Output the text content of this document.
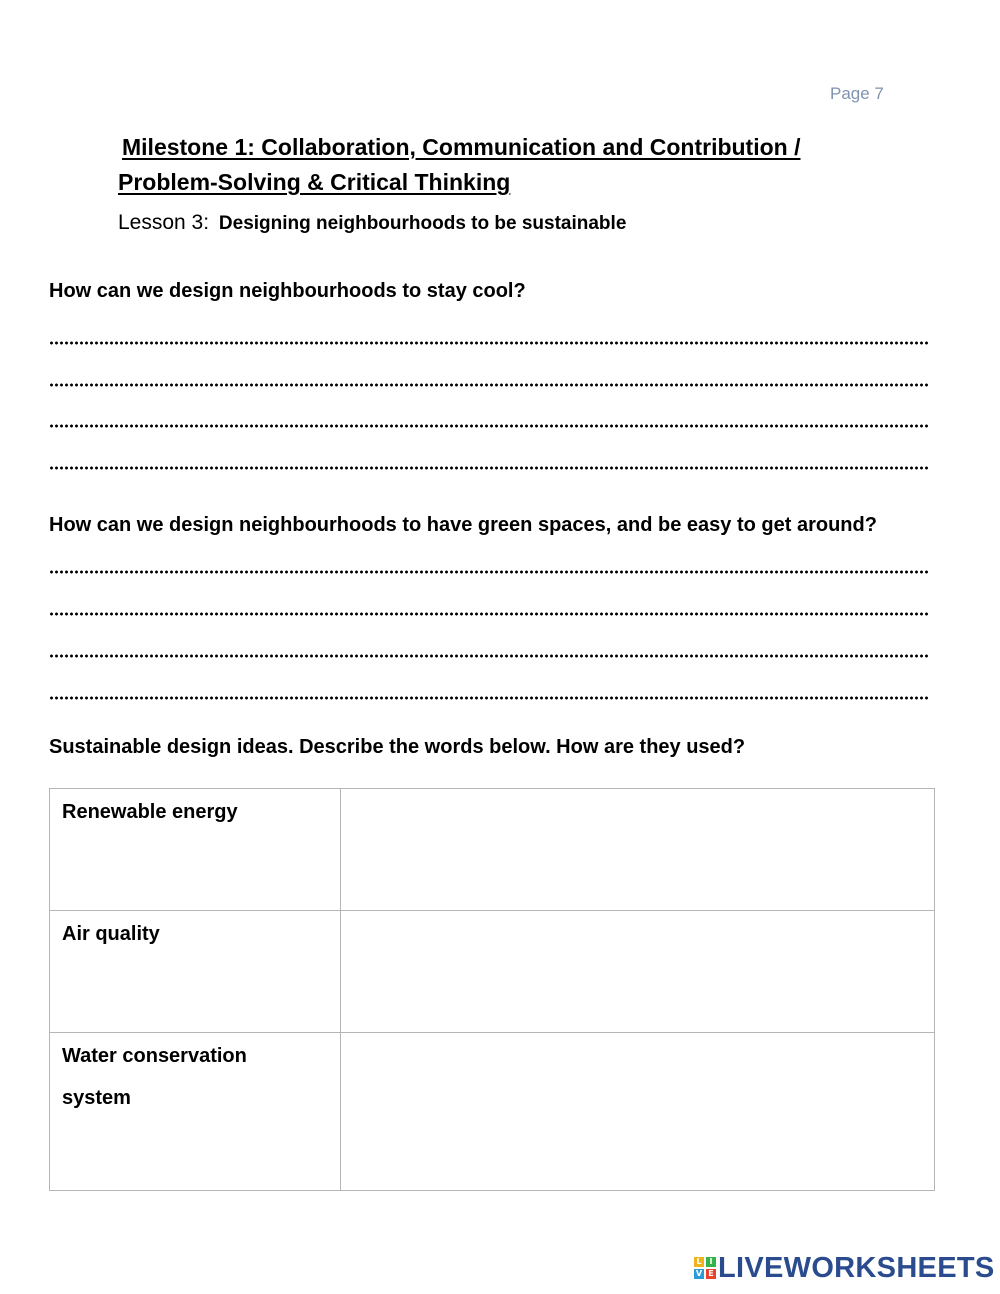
Page 7
Milestone 1: Collaboration, Communication and Contribution /
Problem-Solving & Critical Thinking
Lesson 3: Designing neighbourhoods to be sustainable
How can we design neighbourhoods to stay cool?
How can we design neighbourhoods to have green spaces, and be easy to get around?
Sustainable design ideas. Describe the words below. How are they used?
Renewable energy	

Air quality	

Water conservation
system	

L I
V E LIVEWORKSHEETS
